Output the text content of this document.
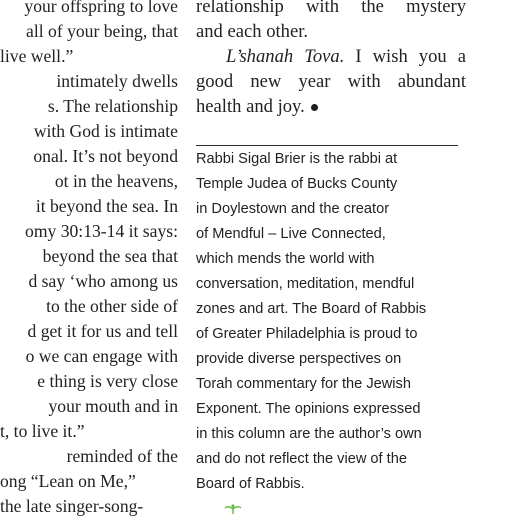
your offspring to love
all of your being, that
live well.”
intimately dwells
s. The relationship
with God is intimate
onal. It’s not beyond
ot in the heavens,
it beyond the sea. In
omy 30:13-14 it says:
beyond the sea that
d say ‘who among us
to the other side of
d get it for us and tell
o we can engage with
e thing is very close
your mouth and in
t, to live it.”
reminded of the
ong “Lean on Me,”
the late singer-song-
relationship with the mystery
and each other.
L’shanah Tova. I wish you a
good new year with abundant
health and joy.
Rabbi Sigal Brier is the rabbi at
Temple Judea of Bucks County
in Doylestown and the creator
of Mendful – Live Connected,
which mends the world with
conversation, meditation, mendful
zones and art. The Board of Rabbis
of Greater Philadelphia is proud to
provide diverse perspectives on
Torah commentary for the Jewish
Exponent. The opinions expressed
in this column are the author’s own
and do not reflect the view of the
Board of Rabbis.
